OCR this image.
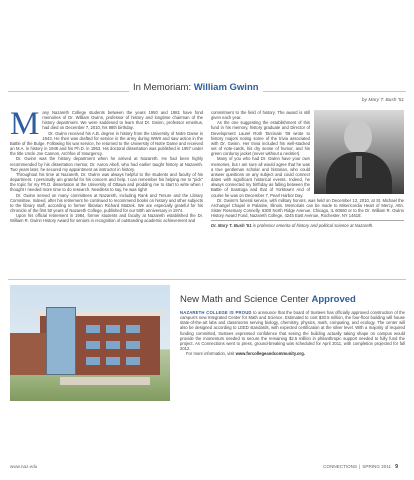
In Memoriam: William Gwinn
by Mary T. Bush '51
M any Nazareth College students between the years 1950 and 1981 have fond memories of Dr. William Gwinn, professor of history and longtime chairman of the history department. We were saddened to learn that Dr. Gwinn, professor emeritus, had died on December 7, 2010, his 88th birthday.

Dr. Gwinn received his A.B. degree in history from the University of Notre Dame in 1943. He then was drafted for service in the army during WWII and saw action in the Battle of the Bulge. Following his war service, he returned to the University of Notre Dame and received an M.A. in history in 1948 and his Ph.D. in 1953. His doctoral dissertation was published in 1957 under the title Uncle Joe Cannon, Archfoe of Insurgency.

Dr. Gwinn was the history department when he arrived at Nazareth. He had been highly recommended by his dissertation mentor, Dr. Aaron Abell, who had earlier taught history at Nazareth. Two years later, he secured my appointment as instructor in history.

Throughout his time at Nazareth, Dr. Gwinn was always helpful to the students and faculty of his department. I personally am grateful for his concern and help. I can remember his helping me to "pick" the topic for my Ph.D. dissertation at the University of Ottawa and prodding me to start to write when I thought I needed more time to do research. Needless to say, he was right!

Dr. Gwinn served on many committees at Nazareth, including Rank and Tenure and the Library Committee. Indeed, after his retirement he continued to recommend books on history and other subjects to the library staff, according to former librarian Richard Matzek. We are especially grateful for his chronicle of the first 50 years of Nazareth College, published for our 50th anniversary in 1974.

Upon his official retirement in 1984, former students and faculty at Nazareth established the Dr. William R. Gwinn History Award for seniors in recognition of outstanding academic achievement and

commitment to the field of history. The award is still given each year.

As the one suggesting the establishment of this fund in his memory, history graduate and Director of Development Laurel Roth Tarcinale '08 wrote to history majors noting some of the trivia associated with Dr. Gwinn. Her trivia included his well-stacked set of note-cards, his dry sense of humor, and his green corduroy jacket (never without a necktie!).

Many of you who had Dr. Gwinn have your own memories, but I am sure all would agree that he was a true gentleman scholar and historian, who could answer questions on any subject and could connect dates with significant historical events. Indeed, he always connected my birthday as falling between the Battle of Saratoga and that of Yorktown! And of course he was on December 7, Pearl Harbor Day.

Dr. Gwinn's funeral service, with military honors, was held on December 13, 2010, at St. Michael the Archangel Chapel in Palatine, Illinois. Memorials can be made to Misericordia Heart of Mercy, Attn. Sister Rosemary Connelly, 6300 North Ridge Avenue, Chicago, IL 60660 or to the Dr. William R. Gwinn History Award Fund, Nazareth College, 4245 East Avenue, Rochester, NY 14618.

Dr. Mary T. Bush '51 is professor emerita of history and political science at Nazareth.

New Math and Science Center Approved

NAZARETH COLLEGE IS PROUD to announce that the board of trustees has officially approved construction of the campus's new Integrated Center for Math and Science. Estimated to cost $30.5 million, the four-floor building will house state-of-the-art labs and classrooms serving biology, chemistry, physics, math, computing, and ecology. The center will also be designed according to LEED standards, with expected certification at the silver level. With a majority of required funding committed, trustees expressed confidence that seeing the building actually taking shape on campus would provide the momentum needed to secure the remaining $2.5 million in philanthropic support needed to fully fund the project. As Connections went to press, ground-breaking was scheduled for April 2011, with completion projected for fall 2012.

For more information, visit www.forcollegeandcommunity.org.

www.naz.edu	CONNECTIONS | SPRING 2011 9
